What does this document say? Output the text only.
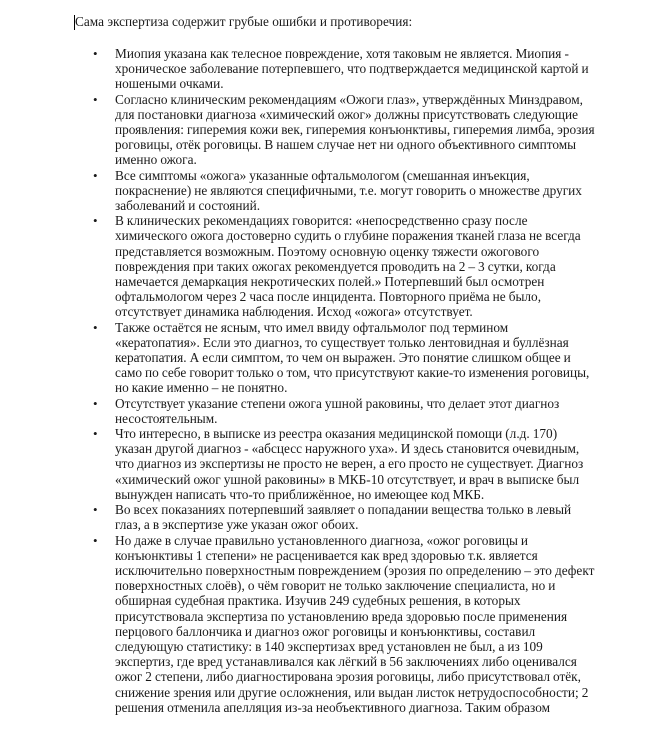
Сама экспертиза содержит грубые ошибки и противоречия:

• Миопия указана как телесное повреждение, хотя таковым не является. Миопия - хроническое заболевание потерпевшего, что подтверждается медицинской картой и ношеными очками.
• Согласно клиническим рекомендациям «Ожоги глаз», утверждённых Минздравом, для постановки диагноза «химический ожог» должны присутствовать следующие проявления: гиперемия кожи век, гиперемия конъюнктивы, гиперемия лимба, эрозия роговицы, отёк роговицы. В нашем случае нет ни одного объективного симптомы именно ожога.
• Все симптомы «ожога» указанные офтальмологом (смешанная инъекция, покраснение) не являются специфичными, т.е. могут говорить о множестве других заболеваний и состояний.
• В клинических рекомендациях говорится: «непосредственно сразу после химического ожога достоверно судить о глубине поражения тканей глаза не всегда представляется возможным. Поэтому основную оценку тяжести ожогового повреждения при таких ожогах рекомендуется проводить на 2 – 3 сутки, когда намечается демаркация некротических полей.» Потерпевший был осмотрен офтальмологом через 2 часа после инцидента. Повторного приёма не было, отсутствует динамика наблюдения. Исход «ожога» отсутствует.
• Также остаётся не ясным, что имел ввиду офтальмолог под термином «кератопатия». Если это диагноз, то существует только лентовидная и буллёзная кератопатия. А если симптом, то чем он выражен. Это понятие слишком общее и само по себе говорит только о том, что присутствуют какие-то изменения роговицы, но какие именно – не понятно.
• Отсутствует указание степени ожога ушной раковины, что делает этот диагноз несостоятельным.
• Что интересно, в выписке из реестра оказания медицинской помощи (л.д. 170) указан другой диагноз - «абсцесс наружного уха». И здесь становится очевидным, что диагноз из экспертизы не просто не верен, а его просто не существует. Диагноз «химический ожог ушной раковины» в МКБ-10 отсутствует, и врач в выписке был вынужден написать что-то приближённое, но имеющее код МКБ.
• Во всех показаниях потерпевший заявляет о попадании вещества только в левый глаз, а в экспертизе уже указан ожог обоих.
• Но даже в случае правильно установленного диагноза, «ожог роговицы и конъюнктивы 1 степени» не расценивается как вред здоровью т.к. является исключительно поверхностным повреждением (эрозия по определению – это дефект поверхностных слоёв), о чём говорит не только заключение специалиста, но и обширная судебная практика. Изучив 249 судебных решения, в которых присутствовала экспертиза по установлению вреда здоровью после применения перцового баллончика и диагноз ожог роговицы и конъюнктивы, составил следующую статистику: в 140 экспертизах вред установлен не был, а из 109 экспертиз, где вред устанавливался как лёгкий в 56 заключениях либо оценивался ожог 2 степени, либо диагностирована эрозия роговицы, либо присутствовал отёк, снижение зрения или другие осложнения, или выдан листок нетрудоспособности; 2 решения отменила апелляция из-за необъективного диагноза. Таким образом
